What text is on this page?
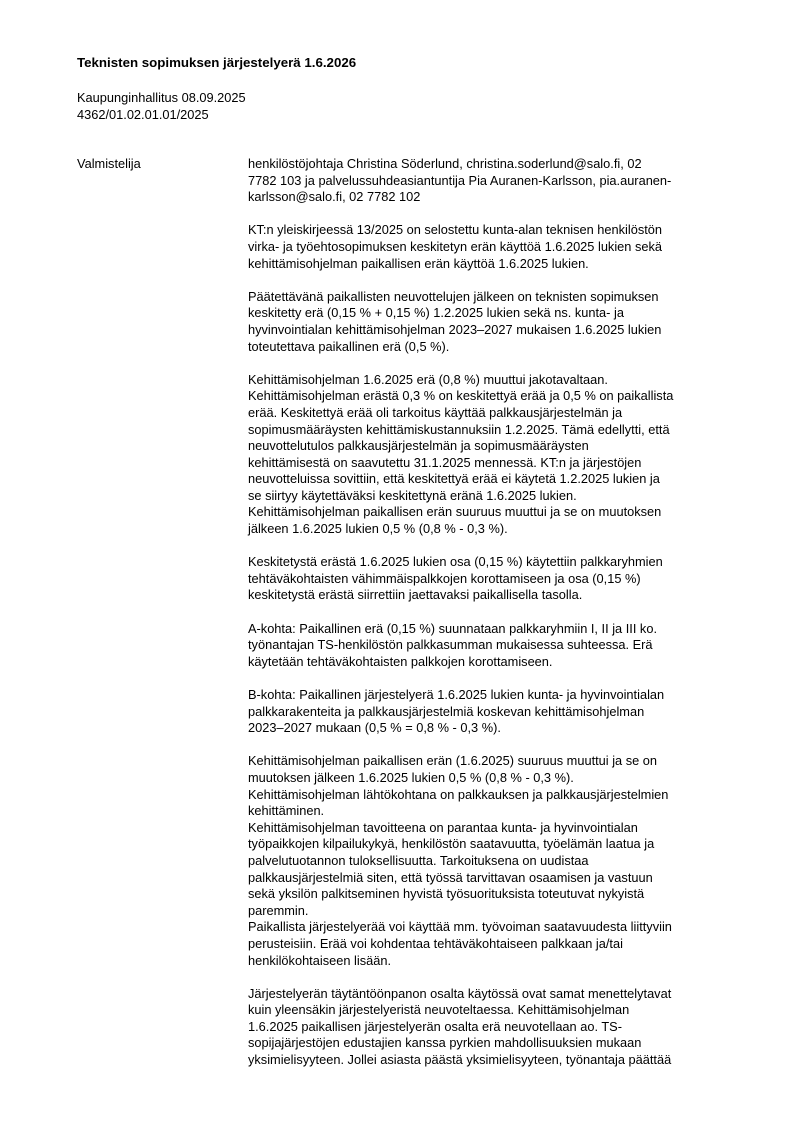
Teknisten sopimuksen järjestelyerä 1.6.2026
Kaupunginhallitus 08.09.2025
4362/01.02.01.01/2025
Valmistelija	henkilöstöjohtaja Christina Söderlund, christina.soderlund@salo.fi, 02
7782 103 ja palvelussuhdeasiantuntija Pia Auranen-Karlsson, pia.auranen-
karlsson@salo.fi, 02 7782 102

KT:n yleiskirjeessä 13/2025 on selostettu kunta-alan teknisen henkilöstön
virka- ja työehtosopimuksen keskitetyn erän käyttöä 1.6.2025 lukien sekä
kehittämisohjelman paikallisen erän käyttöä 1.6.2025 lukien.

Päätettävänä paikallisten neuvottelujen jälkeen on teknisten sopimuksen
keskitetty erä (0,15 % + 0,15 %) 1.2.2025 lukien sekä ns. kunta- ja
hyvinvointialan kehittämisohjelman 2023–2027 mukaisen 1.6.2025 lukien
toteutettava paikallinen erä (0,5 %).

Kehittämisohjelman 1.6.2025 erä (0,8 %) muuttui jakotavaltaan.
Kehittämisohjelman erästä 0,3 % on keskitettyä erää ja 0,5 % on paikallista
erää. Keskitettyä erää oli tarkoitus käyttää palkkausjärjestelmän ja
sopimusmääräysten kehittämiskustannuksiin 1.2.2025. Tämä edellytti, että
neuvottelutulos palkkausjärjestelmän ja sopimusmääräysten
kehittämisestä on saavutettu 31.1.2025 mennessä. KT:n ja järjestöjen
neuvotteluissa sovittiin, että keskitettyä erää ei käytetä 1.2.2025 lukien ja
se siirtyy käytettäväksi keskitettynä eränä 1.6.2025 lukien.
Kehittämisohjelman paikallisen erän suuruus muuttui ja se on muutoksen
jälkeen 1.6.2025 lukien 0,5 % (0,8 % - 0,3 %).

Keskitetystä erästä 1.6.2025 lukien osa (0,15 %) käytettiin palkkaryhmien
tehtäväkohtaisten vähimmäispalkkojen korottamiseen ja osa (0,15 %)
keskitetystä erästä siirrettiin jaettavaksi paikallisella tasolla.

A-kohta: Paikallinen erä (0,15 %) suunnataan palkkaryhmiin I, II ja III ko.
työnantajan TS-henkilöstön palkkasumman mukaisessa suhteessa. Erä
käytetään tehtäväkohtaisten palkkojen korottamiseen.

B-kohta: Paikallinen järjestelyerä 1.6.2025 lukien kunta- ja hyvinvointialan
palkkarakenteita ja palkkausjärjestelmiä koskevan kehittämisohjelman
2023–2027 mukaan (0,5 % = 0,8 % - 0,3 %).

Kehittämisohjelman paikallisen erän (1.6.2025) suuruus muuttui ja se on
muutoksen jälkeen 1.6.2025 lukien 0,5 % (0,8 % - 0,3 %).
Kehittämisohjelman lähtökohtana on palkkauksen ja palkkausjärjestelmien
kehittäminen.
Kehittämisohjelman tavoitteena on parantaa kunta- ja hyvinvointialan
työpaikkojen kilpailukykyä, henkilöstön saatavuutta, työelämän laatua ja
palvelutuotannon tuloksellisuutta. Tarkoituksena on uudistaa
palkkausjärjestelmiä siten, että työssä tarvittavan osaamisen ja vastuun
sekä yksilön palkitseminen hyvistä työsuorituksista toteutuvat nykyistä
paremmin.
Paikallista järjestelyerää voi käyttää mm. työvoiman saatavuudesta liittyviin
perusteisiin. Erää voi kohdentaa tehtäväkohtaiseen palkkaan ja/tai
henkilökohtaiseen lisään.

Järjestelyerän täytäntöönpanon osalta käytössä ovat samat menettelytavat
kuin yleensäkin järjestelyeristä neuvoteltaessa. Kehittämisohjelman
1.6.2025 paikallisen järjestelyerän osalta erä neuvotellaan ao. TS-
sopijajärjestöjen edustajien kanssa pyrkien mahdollisuuksien mukaan
yksimielisyyteen. Jollei asiasta päästä yksimielisyyteen, työnantaja päättää
